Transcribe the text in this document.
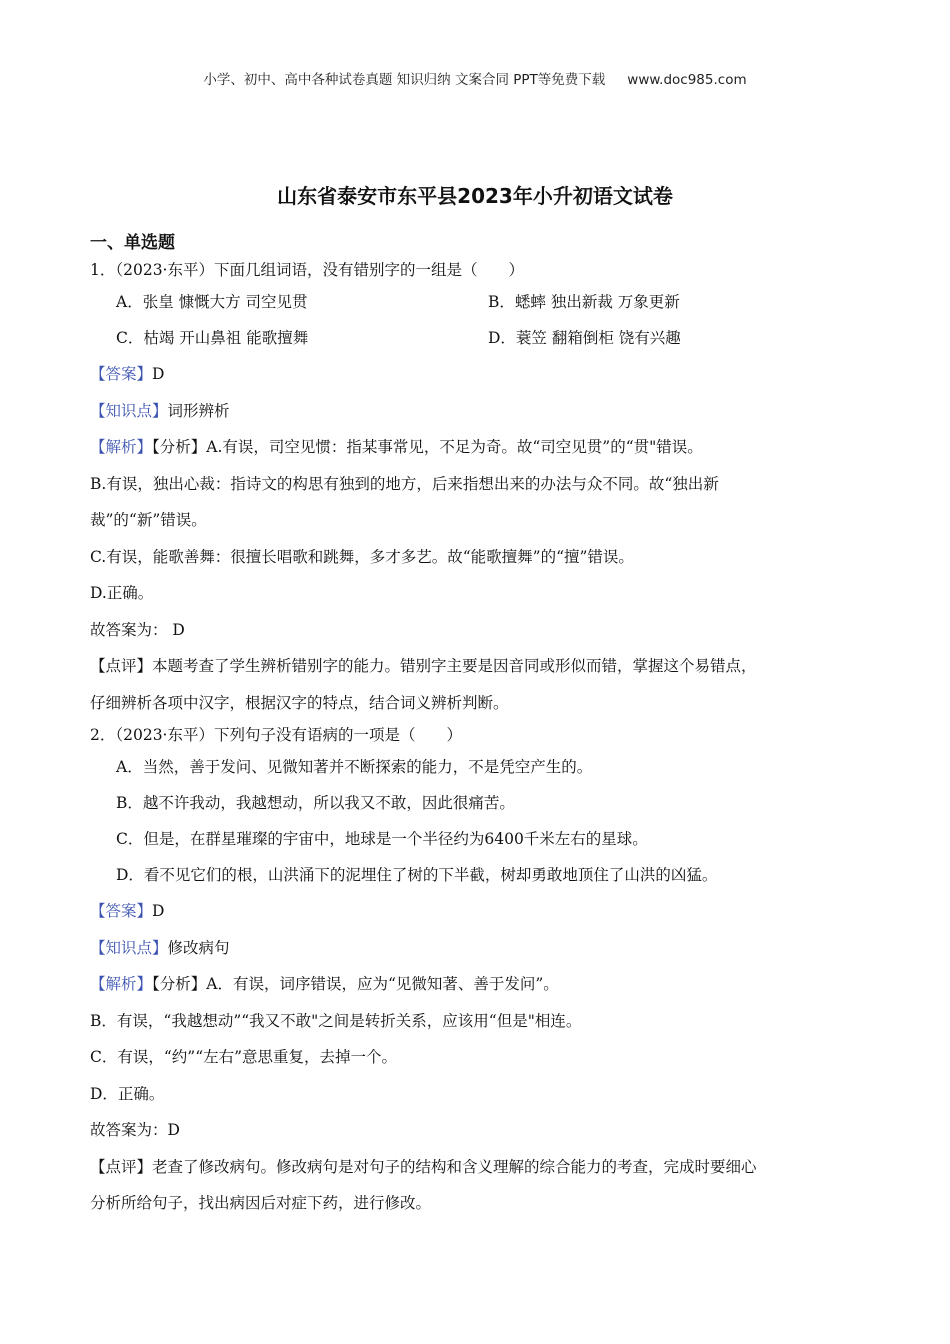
小学、初中、高中各种试卷真题 知识归纳 文案合同 PPT等免费下载 www.doc985.com
山东省泰安市东平县2023年小升初语文试卷
一、单选题
1．（2023·东平）下面几组词语，没有错别字的一组是（　　）
A．张皇 慷慨大方 司空见贯	B．蟋蟀 独出新裁 万象更新
C．枯竭 开山鼻祖 能歌擅舞	D．蓑笠 翻箱倒柜 饶有兴趣
【答案】D
【知识点】词形辨析
【解析】【分析】A.有误，司空见惯：指某事常见，不足为奇。故“司空见贯”的“贯"错误。
B.有误，独出心裁：指诗文的构思有独到的地方，后来指想出来的办法与众不同。故“独出新
裁”的“新”错误。
C.有误，能歌善舞：很擅长唱歌和跳舞，多才多艺。故“能歌擅舞”的“擅”错误。
D.正确。
故答案为： D
【点评】本题考查了学生辨析错别字的能力。错别字主要是因音同或形似而错，掌握这个易错点，
仔细辨析各项中汉字，根据汉字的特点，结合词义辨析判断。
2．（2023·东平）下列句子没有语病的一项是（　　）
A．当然，善于发问、见微知著并不断探索的能力，不是凭空产生的。
B．越不许我动，我越想动，所以我又不敢，因此很痛苦。
C．但是，在群星璀璨的宇宙中，地球是一个半径约为6400千米左右的星球。
D．看不见它们的根，山洪涌下的泥埋住了树的下半截，树却勇敢地顶住了山洪的凶猛。
【答案】D
【知识点】修改病句
【解析】【分析】A．有误，词序错误，应为“见微知著、善于发问”。
B．有误，“我越想动”“我又不敢"之间是转折关系，应该用“但是"相连。
C．有误，“约”“左右”意思重复，去掉一个。
D．正确。
故答案为：D
【点评】老查了修改病句。修改病句是对句子的结构和含义理解的综合能力的考查，完成时要细心
分析所给句子，找出病因后对症下药，进行修改。
